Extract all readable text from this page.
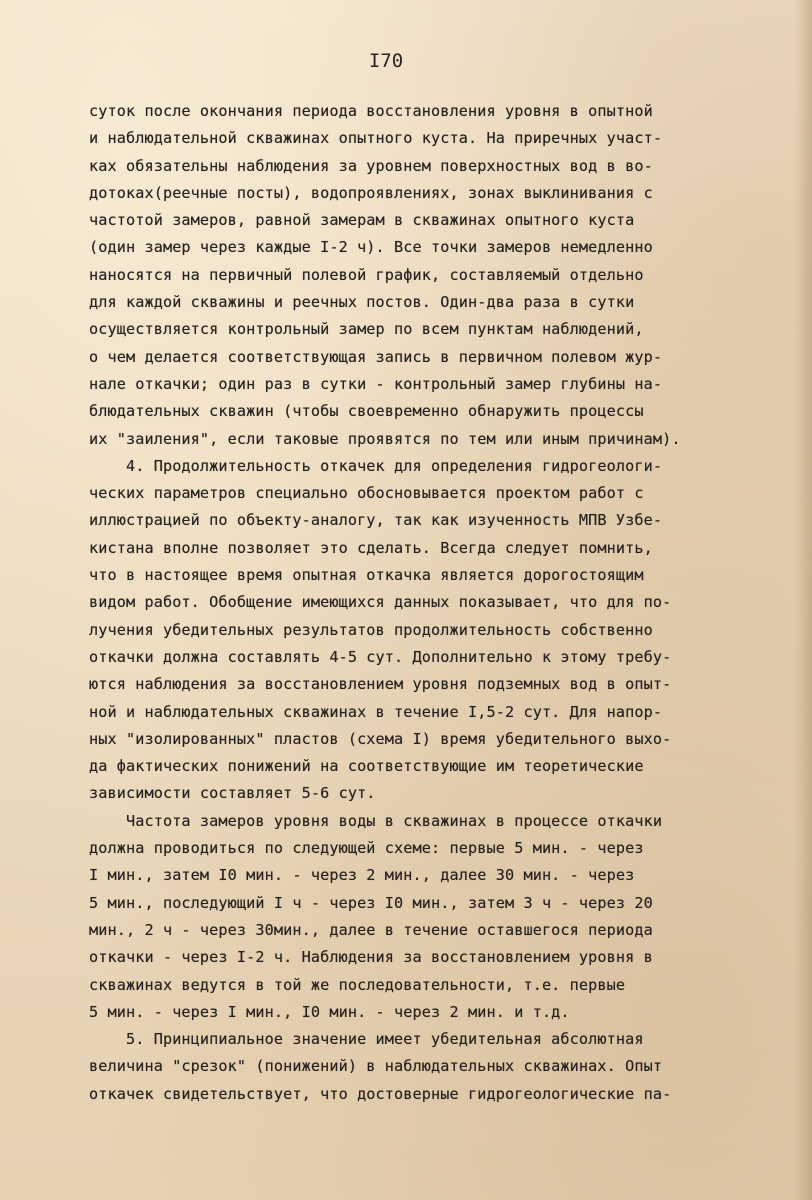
I70
суток после окончания периода восстановления уровня в опытной
и наблюдательной скважинах опытного куста. На приречных участ-
ках обязательны наблюдения за уровнем поверхностных вод в во-
дотоках(реечные посты), водопроявлениях, зонах выклинивания с
частотой замеров, равной замерам в скважинах опытного куста
(один замер через каждые I-2 ч). Все точки замеров немедленно
наносятся на первичный полевой график, составляемый отдельно
для каждой скважины и реечных постов. Один-два раза в сутки
осуществляется контрольный замер по всем пунктам наблюдений,
о чем делается соответствующая запись в первичном полевом жур-
нале откачки; один раз в сутки - контрольный замер глубины на-
блюдательных скважин (чтобы своевременно обнаружить процессы
их "заиления", если таковые проявятся по тем или иным причинам).
4. Продолжительность откачек для определения гидрогеологи-
ческих параметров специально обосновывается проектом работ с
иллюстрацией по объекту-аналогу, так как изученность МПВ Узбе-
кистана вполне позволяет это сделать. Всегда следует помнить,
что в настоящее время опытная откачка является дорогостоящим
видом работ. Обобщение имеющихся данных показывает, что для по-
лучения убедительных результатов продолжительность собственно
откачки должна составлять 4-5 сут. Дополнительно к этому требу-
ются наблюдения за восстановлением уровня подземных вод в опыт-
ной и наблюдательных скважинах в течение I,5-2 сут. Для напор-
ных "изолированных" пластов (схема I) время убедительного выхо-
да фактических понижений на соответствующие им теоретические
зависимости составляет 5-6 сут.
Частота замеров уровня воды в скважинах в процессе откачки
должна проводиться по следующей схеме: первые 5 мин. - через
I мин., затем I0 мин. - через 2 мин., далее 30 мин. - через
5 мин., последующий I ч - через I0 мин., затем 3 ч - через 20
мин., 2 ч - через 30мин., далее в течение оставшегося периода
откачки - через I-2 ч. Наблюдения за восстановлением уровня в
скважинах ведутся в той же последовательности, т.е. первые
5 мин. - через I мин., I0 мин. - через 2 мин. и т.д.
5. Принципиальное значение имеет убедительная абсолютная
величина "срезок" (понижений) в наблюдательных скважинах. Опыт
откачек свидетельствует, что достоверные гидрогеологические па-
